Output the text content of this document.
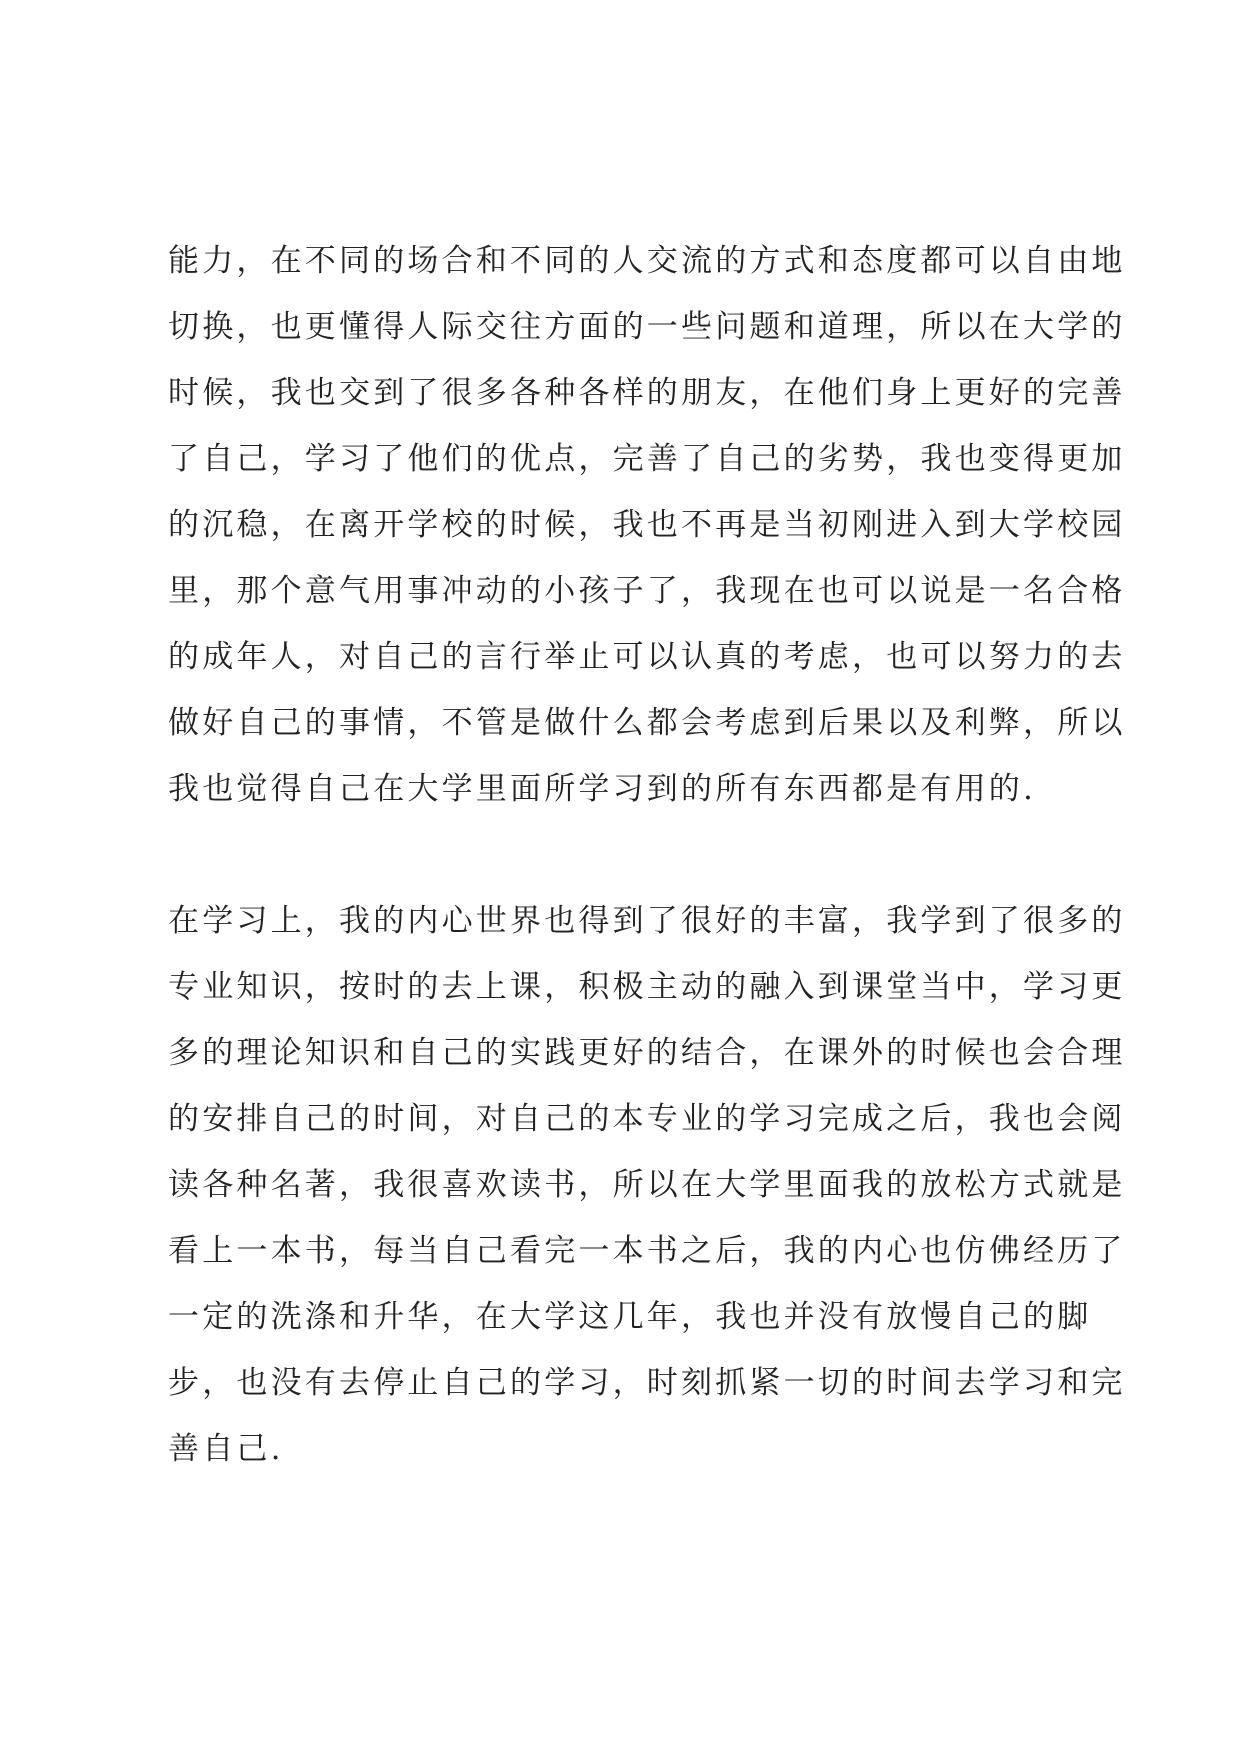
能力，在不同的场合和不同的人交流的方式和态度都可以自由地
切换，也更懂得人际交往方面的一些问题和道理，所以在大学的
时候，我也交到了很多各种各样的朋友，在他们身上更好的完善
了自己，学习了他们的优点，完善了自己的劣势，我也变得更加
的沉稳，在离开学校的时候，我也不再是当初刚进入到大学校园
里，那个意气用事冲动的小孩子了，我现在也可以说是一名合格
的成年人，对自己的言行举止可以认真的考虑，也可以努力的去
做好自己的事情，不管是做什么都会考虑到后果以及利弊，所以
我也觉得自己在大学里面所学习到的所有东西都是有用的.
在学习上，我的内心世界也得到了很好的丰富，我学到了很多的
专业知识，按时的去上课，积极主动的融入到课堂当中，学习更
多的理论知识和自己的实践更好的结合，在课外的时候也会合理
的安排自己的时间，对自己的本专业的学习完成之后，我也会阅
读各种名著，我很喜欢读书，所以在大学里面我的放松方式就是
看上一本书，每当自己看完一本书之后，我的内心也仿佛经历了
一定的洗涤和升华，在大学这几年，我也并没有放慢自己的脚
步，也没有去停止自己的学习，时刻抓紧一切的时间去学习和完
善自己.
